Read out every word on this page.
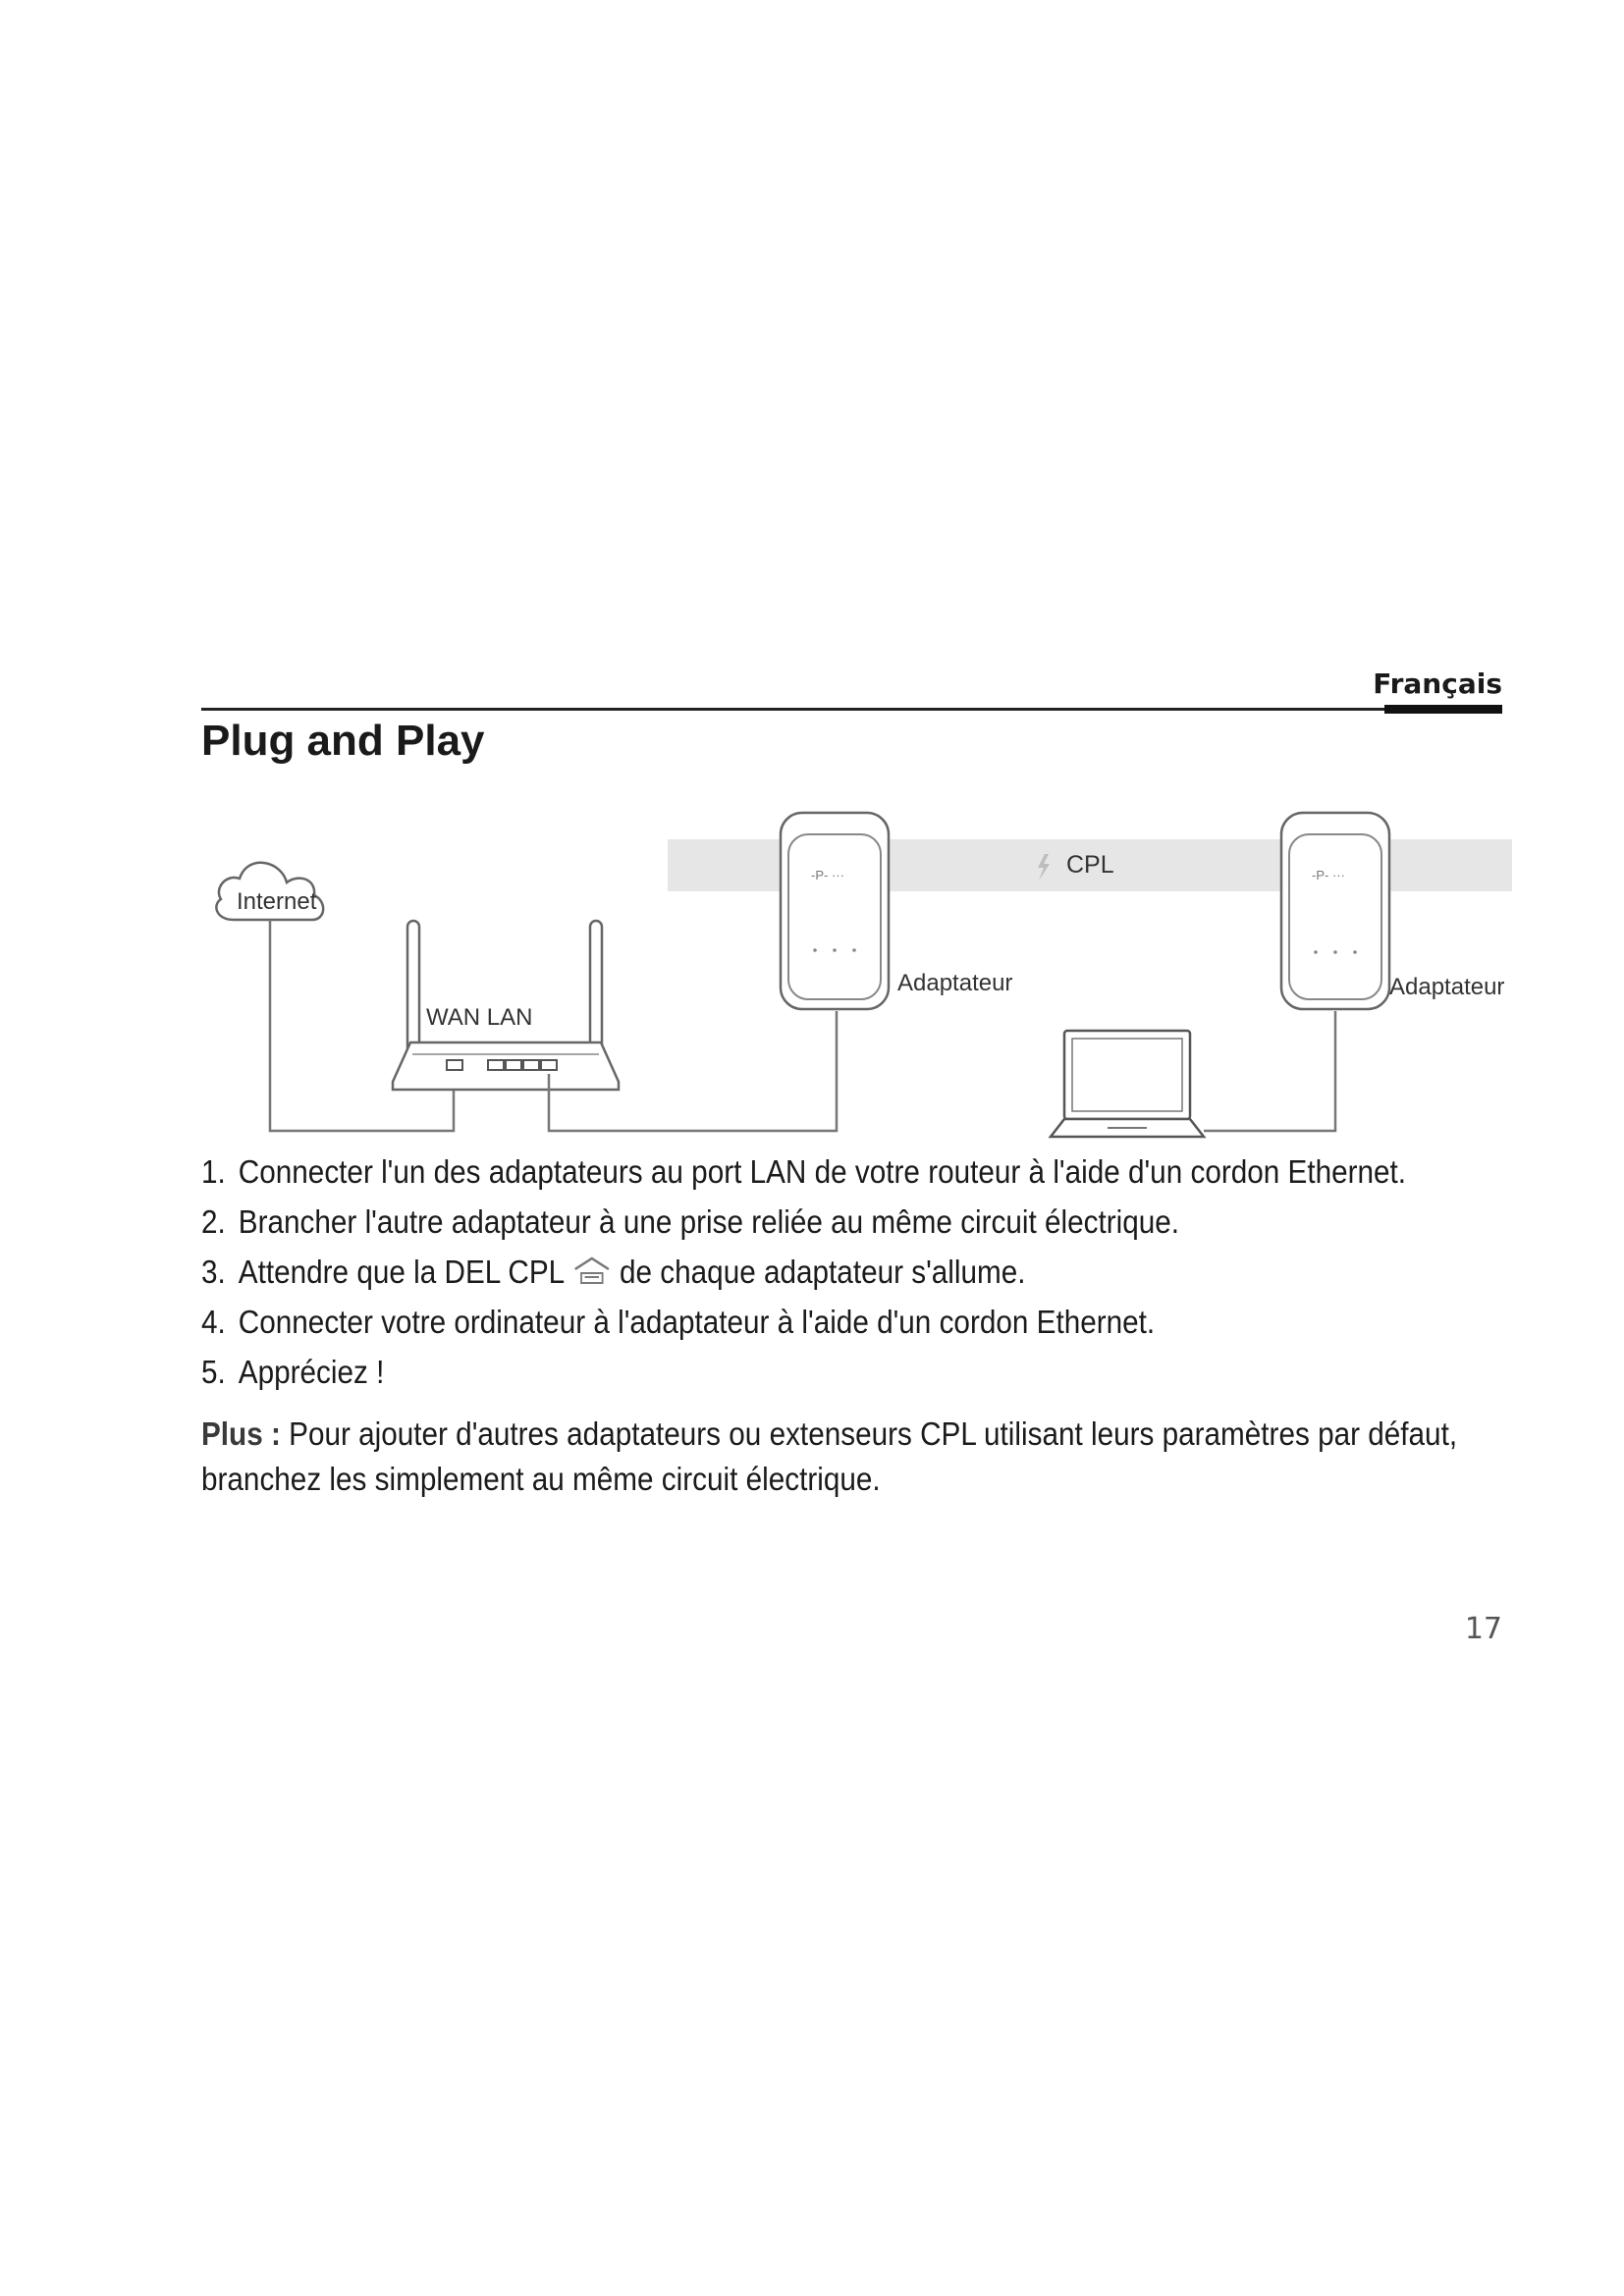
Français
Plug and Play
CPL
Internet
WAN LAN
-P- ···
Adaptateur
-P- ···
Adaptateur
1. Connecter l'un des adaptateurs au port LAN de votre routeur à l'aide d'un cordon Ethernet.
2. Brancher l'autre adaptateur à une prise reliée au même circuit électrique.
3. Attendre que la DEL CPL de chaque adaptateur s'allume.
4. Connecter votre ordinateur à l'adaptateur à l'aide d'un cordon Ethernet.
5. Appréciez !
Plus : Pour ajouter d'autres adaptateurs ou extenseurs CPL utilisant leurs paramètres par défaut, branchez les simplement au même circuit électrique.
17
